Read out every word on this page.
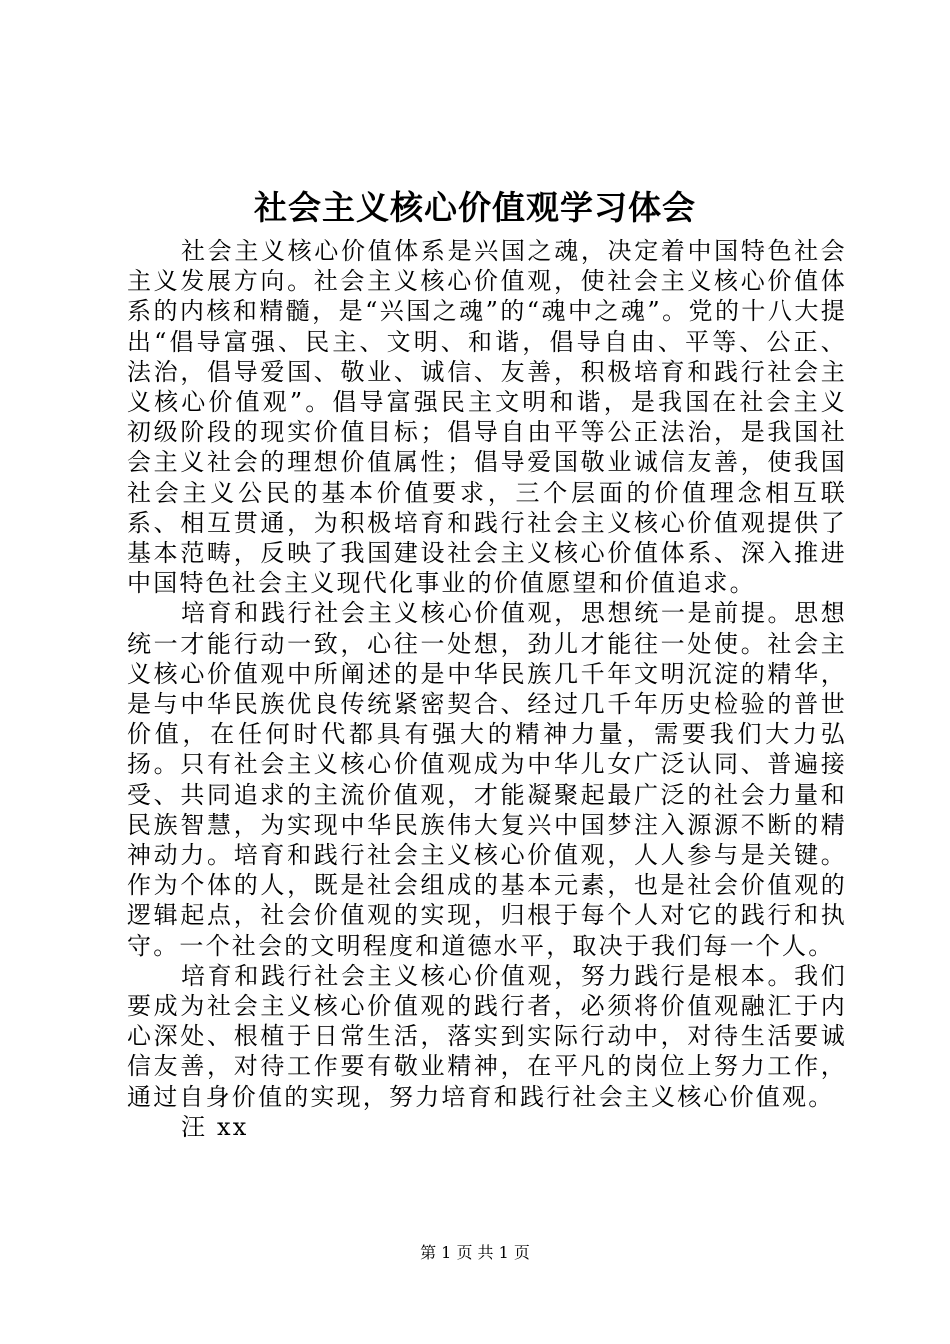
社会主义核心价值观学习体会

社会主义核心价值体系是兴国之魂，决定着中国特色社会主义发展方向。社会主义核心价值观，使社会主义核心价值体系的内核和精髓，是“兴国之魂”的“魂中之魂”。党的十八大提出“倡导富强、民主、文明、和谐，倡导自由、平等、公正、法治，倡导爱国、敬业、诚信、友善，积极培育和践行社会主义核心价值观”。倡导富强民主文明和谐，是我国在社会主义初级阶段的现实价值目标；倡导自由平等公正法治，是我国社会主义社会的理想价值属性；倡导爱国敬业诚信友善，使我国社会主义公民的基本价值要求，三个层面的价值理念相互联系、相互贯通，为积极培育和践行社会主义核心价值观提供了基本范畴，反映了我国建设社会主义核心价值体系、深入推进中国特色社会主义现代化事业的价值愿望和价值追求。

培育和践行社会主义核心价值观，思想统一是前提。思想统一才能行动一致，心往一处想，劲儿才能往一处使。社会主义核心价值观中所阐述的是中华民族几千年文明沉淀的精华，是与中华民族优良传统紧密契合、经过几千年历史检验的普世价值，在任何时代都具有强大的精神力量，需要我们大力弘扬。只有社会主义核心价值观成为中华儿女广泛认同、普遍接受、共同追求的主流价值观，才能凝聚起最广泛的社会力量和民族智慧，为实现中华民族伟大复兴中国梦注入源源不断的精神动力。培育和践行社会主义核心价值观，人人参与是关键。作为个体的人，既是社会组成的基本元素，也是社会价值观的逻辑起点，社会价值观的实现，归根于每个人对它的践行和执守。一个社会的文明程度和道德水平，取决于我们每一个人。

培育和践行社会主义核心价值观，努力践行是根本。我们要成为社会主义核心价值观的践行者，必须将价值观融汇于内心深处、根植于日常生活，落实到实际行动中，对待生活要诚信友善，对待工作要有敬业精神，在平凡的岗位上努力工作，通过自身价值的实现，努力培育和践行社会主义核心价值观。

汪 xx

第 1 页 共 1 页
